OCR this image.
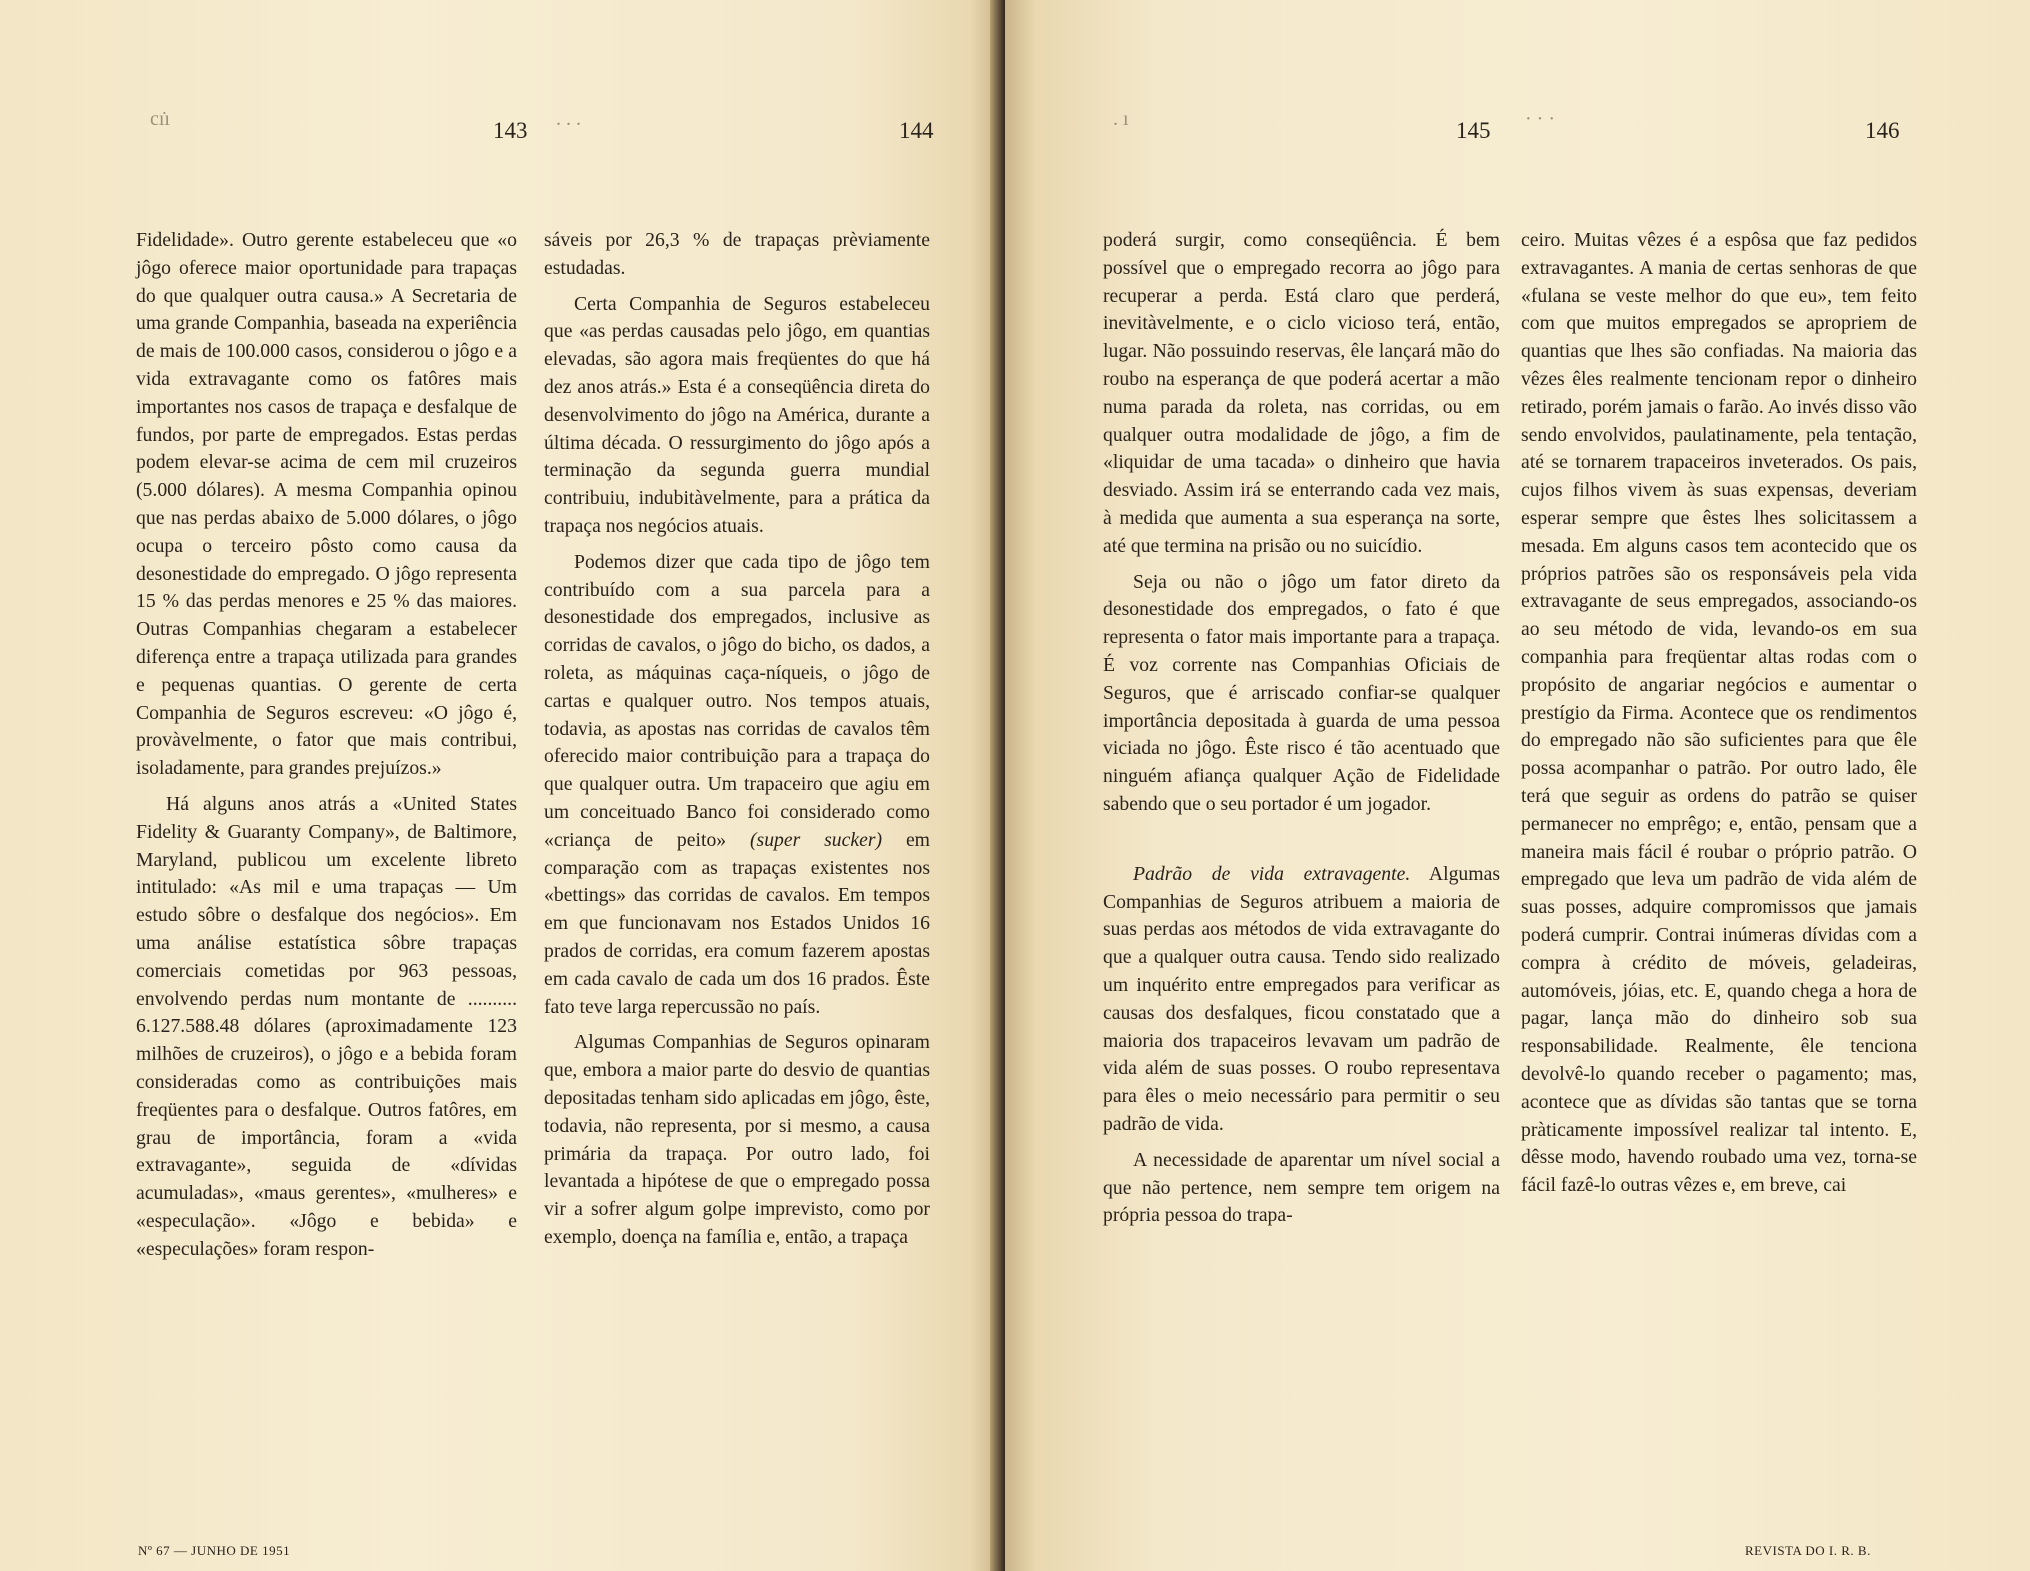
cı̇ı	143 . . .	144

Fidelidade». Outro gerente estabeleceu que «o jôgo oferece maior oportunidade para trapaças do que qualquer outra causa.» A Secretaria de uma grande Companhia, baseada na experiência de mais de 100.000 casos, considerou o jôgo e a vida extravagante como os fatôres mais importantes nos casos de trapaça e desfalque de fundos, por parte de empregados. Estas perdas podem elevar-se acima de cem mil cruzeiros (5.000 dólares). A mesma Companhia opinou que nas perdas abaixo de 5.000 dólares, o jôgo ocupa o terceiro pôsto como causa da desonestidade do empregado. O jôgo representa 15 % das perdas menores e 25 % das maiores. Outras Companhias chegaram a estabelecer diferença entre a trapaça utilizada para grandes e pequenas quantias. O gerente de certa Companhia de Seguros escreveu: «O jôgo é, provàvelmente, o fator que mais contribui, isoladamente, para grandes prejuízos.»

Há alguns anos atrás a «United States Fidelity & Guaranty Company», de Baltimore, Maryland, publicou um excelente libreto intitulado: «As mil e uma trapaças — Um estudo sôbre o desfalque dos negócios». Em uma análise estatística sôbre trapaças comerciais cometidas por 963 pessoas, envolvendo perdas num montante de .......... 6.127.588.48 dólares (aproximadamente 123 milhões de cruzeiros), o jôgo e a bebida foram consideradas como as contribuições mais freqüentes para o desfalque. Outros fatôres, em grau de importância, foram a «vida extravagante», seguida de «dívidas acumuladas», «maus gerentes», «mulheres» e «especulação». «Jôgo e bebida» e «especulações» foram respon-

sáveis por 26,3 % de trapaças prèviamente estudadas.

Certa Companhia de Seguros estabeleceu que «as perdas causadas pelo jôgo, em quantias elevadas, são agora mais freqüentes do que há dez anos atrás.» Esta é a conseqüência direta do desenvolvimento do jôgo na América, durante a última década. O ressurgimento do jôgo após a terminação da segunda guerra mundial contribuiu, indubitàvelmente, para a prática da trapaça nos negócios atuais.

Podemos dizer que cada tipo de jôgo tem contribuído com a sua parcela para a desonestidade dos empregados, inclusive as corridas de cavalos, o jôgo do bicho, os dados, a roleta, as máquinas caça-níqueis, o jôgo de cartas e qualquer outro. Nos tempos atuais, todavia, as apostas nas corridas de cavalos têm oferecido maior contribuição para a trapaça do que qualquer outra. Um trapaceiro que agiu em um conceituado Banco foi considerado como «criança de peito» (super sucker) em comparação com as trapaças existentes nos «bettings» das corridas de cavalos. Em tempos em que funcionavam nos Estados Unidos 16 prados de corridas, era comum fazerem apostas em cada cavalo de cada um dos 16 prados. Êste fato teve larga repercussão no país.

Algumas Companhias de Seguros opinaram que, embora a maior parte do desvio de quantias depositadas tenham sido aplicadas em jôgo, êste, todavia, não representa, por si mesmo, a causa primária da trapaça. Por outro lado, foi levantada a hipótese de que o empregado possa vir a sofrer algum golpe imprevisto, como por exemplo, doença na família e, então, a trapaça

Nº 67 — JUNHO DE 1951
. ı	145 · · ·	146

poderá surgir, como conseqüência. É bem possível que o empregado recorra ao jôgo para recuperar a perda. Está claro que perderá, inevitàvelmente, e o ciclo vicioso terá, então, lugar. Não possuindo reservas, êle lançará mão do roubo na esperança de que poderá acertar a mão numa parada da roleta, nas corridas, ou em qualquer outra modalidade de jôgo, a fim de «liquidar de uma tacada» o dinheiro que havia desviado. Assim irá se enterrando cada vez mais, à medida que aumenta a sua esperança na sorte, até que termina na prisão ou no suicídio.

Seja ou não o jôgo um fator direto da desonestidade dos empregados, o fato é que representa o fator mais importante para a trapaça. É voz corrente nas Companhias Oficiais de Seguros, que é arriscado confiar-se qualquer importância depositada à guarda de uma pessoa viciada no jôgo. Êste risco é tão acentuado que ninguém afiança qualquer Ação de Fidelidade sabendo que o seu portador é um jogador.

Padrão de vida extravagente. Algumas Companhias de Seguros atribuem a maioria de suas perdas aos métodos de vida extravagante do que a qualquer outra causa. Tendo sido realizado um inquérito entre empregados para verificar as causas dos desfalques, ficou constatado que a maioria dos trapaceiros levavam um padrão de vida além de suas posses. O roubo representava para êles o meio necessário para permitir o seu padrão de vida.

A necessidade de aparentar um nível social a que não pertence, nem sempre tem origem na própria pessoa do trapa-

ceiro. Muitas vêzes é a espôsa que faz pedidos extravagantes. A mania de certas senhoras de que «fulana se veste melhor do que eu», tem feito com que muitos empregados se apropriem de quantias que lhes são confiadas. Na maioria das vêzes êles realmente tencionam repor o dinheiro retirado, porém jamais o farão. Ao invés disso vão sendo envolvidos, paulatinamente, pela tentação, até se tornarem trapaceiros inveterados. Os pais, cujos filhos vivem às suas expensas, deveriam esperar sempre que êstes lhes solicitassem a mesada. Em alguns casos tem acontecido que os próprios patrões são os responsáveis pela vida extravagante de seus empregados, associando-os ao seu método de vida, levando-os em sua companhia para freqüentar altas rodas com o propósito de angariar negócios e aumentar o prestígio da Firma. Acontece que os rendimentos do empregado não são suficientes para que êle possa acompanhar o patrão. Por outro lado, êle terá que seguir as ordens do patrão se quiser permanecer no emprêgo; e, então, pensam que a maneira mais fácil é roubar o próprio patrão. O empregado que leva um padrão de vida além de suas posses, adquire compromissos que jamais poderá cumprir. Contrai inúmeras dívidas com a compra à crédito de móveis, geladeiras, automóveis, jóias, etc. E, quando chega a hora de pagar, lança mão do dinheiro sob sua responsabilidade. Realmente, êle tenciona devolvê-lo quando receber o pagamento; mas, acontece que as dívidas são tantas que se torna pràticamente impossível realizar tal intento. E, dêsse modo, havendo roubado uma vez, torna-se fácil fazê-lo outras vêzes e, em breve, cai

REVISTA DO I. R. B.
